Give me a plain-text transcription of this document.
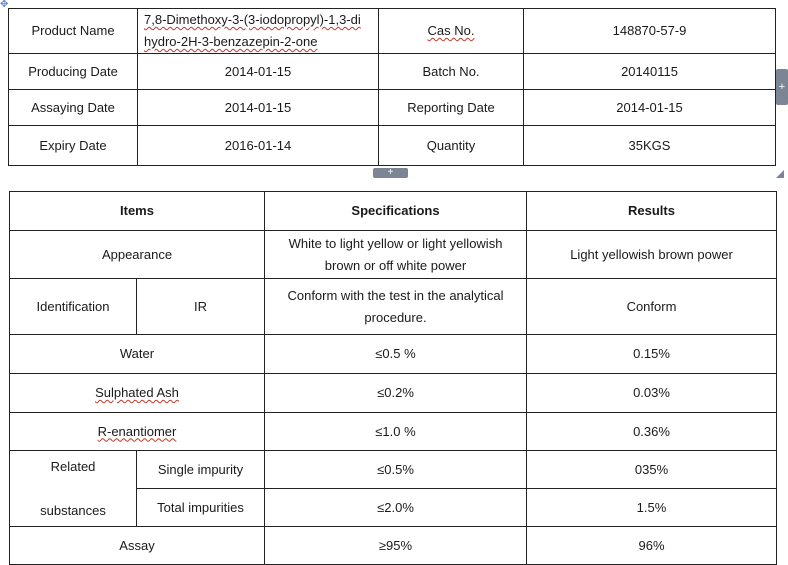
✥
Product Name	7,8-Dimethoxy-3-(3-iodopropyl)-1,3-di
hydro-2H-3-benzazepin-2-one	Cas No.	148870-57-9
Producing Date	2014-01-15	Batch No.	20140115
Assaying Date	2014-01-15	Reporting Date	2014-01-15
Expiry Date	2016-01-14	Quantity	35KGS
+
+
Items		Specifications	Results
Appearance		White to light yellow or light yellowish
brown or off white power	Light yellowish brown power
Identification	IR	Conform with the test in the analytical
procedure.	Conform
Water		≤0.5 %	0.15%
Sulphated Ash		≤0.2%	0.03%
R-enantiomer		≤1.0 %	0.36%
Related

substances	Single impurity	≤0.5%	035%
	Total impurities	≤2.0%	1.5%
Assay		≥95%	96%
